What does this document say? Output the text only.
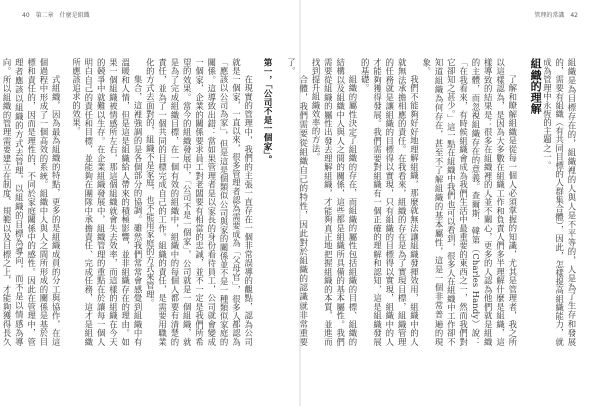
40 第二章　什麼是組織

第一，「公司不是一個家」。

在現實的管理中，我們的主張一直存在一個非常誤導的觀點，認為公司就是一個家，一直以來，很多管理者認為需要成為「父母官」，很多人都認為「應該以公司為家」，但是這是個類似公司與家的關係並不是一種類似家庭的關係。這導致出錯：當如果管理者是以家長的身份看待員工，公司就會變成一個家，企業的關係要求員工對老闆要有相當的忠誠，並不一定是我們所希望的效果。當今的組織發展中，「公司不是一個家」，公司就是一個組織，就是為了完成組織目標，在一個有效的組織中，組織中的每個人都要有清楚的責任，並為了一個共同的目標完成自己的工作。組織的責任，是需要用職業化的方式去面對的，組織不是家庭，也不能用家庭的方式來管理。

集合，這裡強調的是各個部分的協調。雖然我們常常會感覺到組織中有溫暖和人情，但是這是組織給人帶來的積極影響，並非組織存在的理由。如果一個組織被情感所左右，那這個組織就會失去效率，而這樣的組織在今天的競爭中就難以生存。在企業組織發展中，組織管理的重點在於讓每一個人明白自己的責任和目標，並能夠在團隊中承擔責任、完成任務，這才是組織所應該追求的效果。

式組織，因為最為組織的特點，更多的是組織成員的分工與協作，在這個過程中形成了一個高效的系統。組織中人與人之間所形成的關係是基於目標和責任的，因而是理性的，不同於家庭關係中的感性。因此在管理中，管理者應該以組織的方式去管理，以組織的目標為導向，而不是以情感為導向。所以組織的管理需要建立在制度、規範以及目標之上，才能夠獲得長久

管理的常識 42

組織是為目標存在的，組織裡的人與人是不平等的，人是為了生存和發展的，需要有組織（有共同目標的人群集合體），因此，怎樣提高組織能力，就成為管理中永恆的主題之一。

組織的理解

了解和瞭解組織是從每一個人必須掌握的知識，尤其是管理者，我之所以這樣認為，是因為大多數在組織工作和負責人們多半理解什麼是組織，這樣導致的結果是：很多在組織裡的人並不關心，更多的人認為他們就是組織的主體，而忽視組織存在的意義。查爾斯．韓第（Charles Handy）說：「在我看來，有時候組織會成為我們生活中最重要的東西之一，然而我們對它卻知之甚少。」這一點在組織中我們也可以看到，很多人在組織中工作卻不知道組織為何存在，甚至不了解組織的基本屬性，這是一個非常普遍的現象。

我們不能夠好好地理解組織，那麼就無法讓組織發揮效用，組織中的人就無法承擔相應的責任。在我看來，組織的存在是為了實現目標，組織管理的任務就是讓組織的目標得以實現，只有組織的目標得以實現，組織中的人才能夠獲得發展。我們需要對組織有一個正確的理解和認知，這是組織發展的基礎。

組織的屬性決定了組織的存在，而組織的屬性包括組織的目標、組織的結構以及組織中人與人之間的關係，這些都是組織所具備的基本屬性。我們需要從組織的屬性出發去理解組織，才能夠真正地把握組織的本質，並進而找到提升組織效率的方法。

合體，我們需要從組織自己的特性，因此對於組織的認識就非常重要了。
